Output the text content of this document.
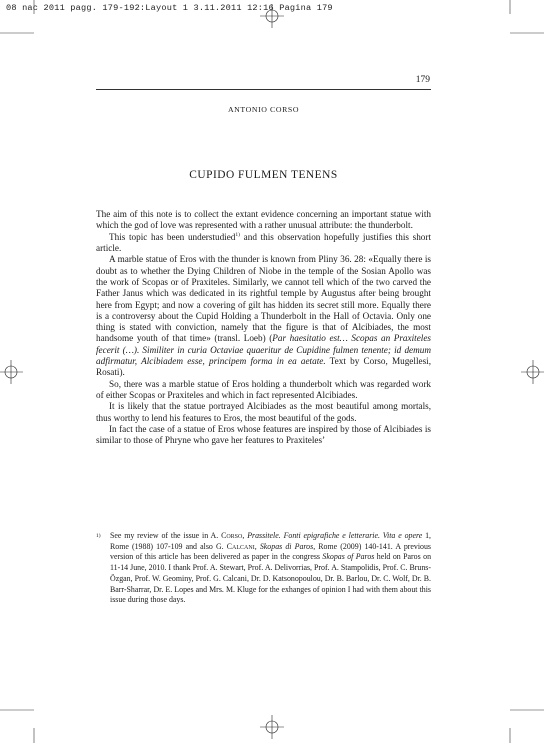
08 nac 2011 pagg. 179-192:Layout 1 3.11.2011 12:16 Pagina 179
179
ANTONIO CORSO
CUPIDO FULMEN TENENS

The aim of this note is to collect the extant evidence concerning an important statue with which the god of love was represented with a rather unusual attribute: the thunderbolt.

This topic has been understudied$^{1)}$ and this observation hopefully justifies this short article.

A marble statue of Eros with the thunder is known from Pliny 36. 28: «Equally there is doubt as to whether the Dying Children of Niobe in the temple of the Sosian Apollo was the work of Scopas or of Praxiteles. Similarly, we cannot tell which of the two carved the Father Janus which was dedicated in its rightful temple by Augustus after being brought here from Egypt; and now a covering of gilt has hidden its secret still more. Equally there is a controversy about the Cupid Holding a Thunderbolt in the Hall of Octavia. Only one thing is stated with conviction, namely that the figure is that of Alcibiades, the most handsome youth of that time» (transl. Loeb) (Par haesitatio est… Scopas an Praxiteles fecerit (…). Similiter in curia Octaviae quaeritur de Cupidine fulmen tenente; id demum adfirmatur, Alcibiadem esse, principem forma in ea aetate. Text by Corso, Mugellesi, Rosati).

So, there was a marble statue of Eros holding a thunderbolt which was regarded work of either Scopas or Praxiteles and which in fact represented Alcibiades.

It is likely that the statue portrayed Alcibiades as the most beautiful among mortals, thus worthy to lend his features to Eros, the most beautiful of the gods.

In fact the case of a statue of Eros whose features are inspired by those of Alcibiades is similar to those of Phryne who gave her features to Praxiteles’

1) See my review of the issue in A. Corso, Prassitele. Fonti epigrafiche e letterarie. Vita e opere 1, Rome (1988) 107-109 and also G. Calcani, Skopas di Paros, Rome (2009) 140-141. A previous version of this article has been delivered as paper in the congress Skopas of Paros held on Paros on 11-14 June, 2010. I thank Prof. A. Stewart, Prof. A. Delivorrias, Prof. A. Stampolidis, Prof. C. Bruns-Özgan, Prof. W. Geominy, Prof. G. Calcani, Dr. D. Katsonopoulou, Dr. B. Barlou, Dr. C. Wolf, Dr. B. Barr-Sharrar, Dr. E. Lopes and Mrs. M. Kluge for the exhanges of opinion I had with them about this issue during those days.
